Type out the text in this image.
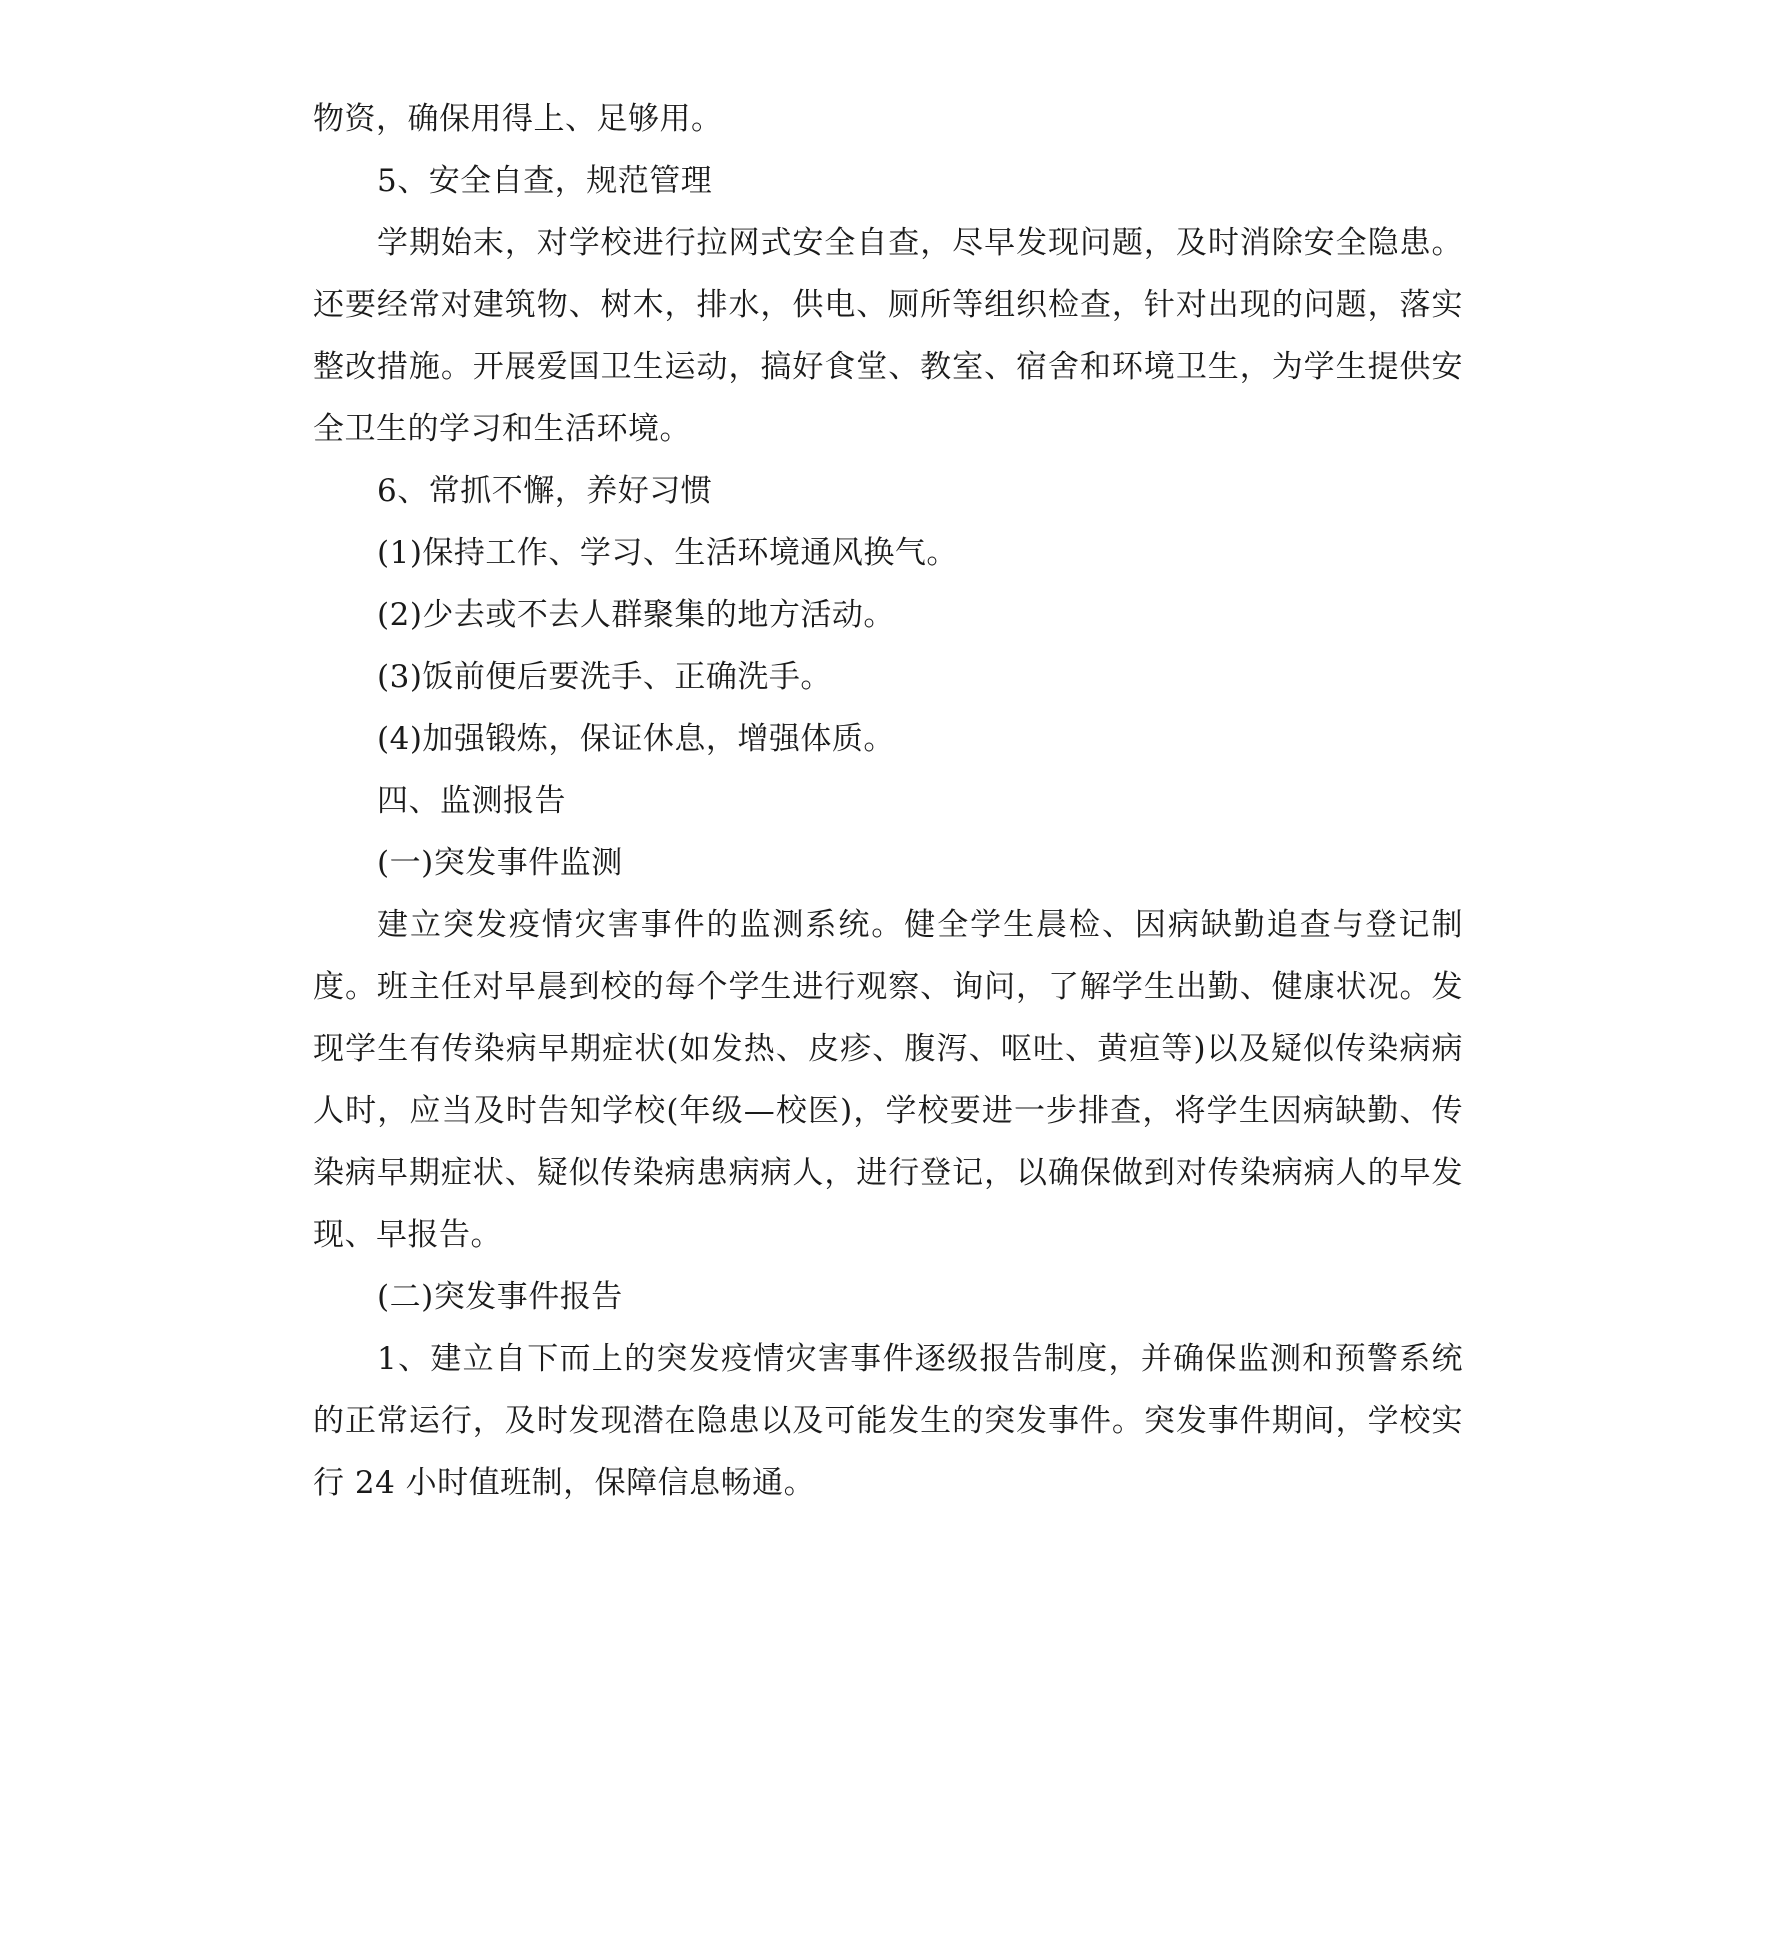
物资，确保用得上、足够用。

5、安全自查，规范管理

学期始末，对学校进行拉网式安全自查，尽早发现问题，及时消除安全隐患。还要经常对建筑物、树木，排水，供电、厕所等组织检查，针对出现的问题，落实整改措施。开展爱国卫生运动，搞好食堂、教室、宿舍和环境卫生，为学生提供安全卫生的学习和生活环境。

6、常抓不懈，养好习惯

(1)保持工作、学习、生活环境通风换气。

(2)少去或不去人群聚集的地方活动。

(3)饭前便后要洗手、正确洗手。

(4)加强锻炼，保证休息，增强体质。

四、监测报告

(一)突发事件监测

建立突发疫情灾害事件的监测系统。健全学生晨检、因病缺勤追查与登记制度。班主任对早晨到校的每个学生进行观察、询问，了解学生出勤、健康状况。发现学生有传染病早期症状(如发热、皮疹、腹泻、呕吐、黄疸等)以及疑似传染病病人时，应当及时告知学校(年级—校医)，学校要进一步排查，将学生因病缺勤、传染病早期症状、疑似传染病患病病人，进行登记，以确保做到对传染病病人的早发现、早报告。

(二)突发事件报告

1、建立自下而上的突发疫情灾害事件逐级报告制度，并确保监测和预警系统的正常运行，及时发现潜在隐患以及可能发生的突发事件。突发事件期间，学校实行 24 小时值班制，保障信息畅通。
